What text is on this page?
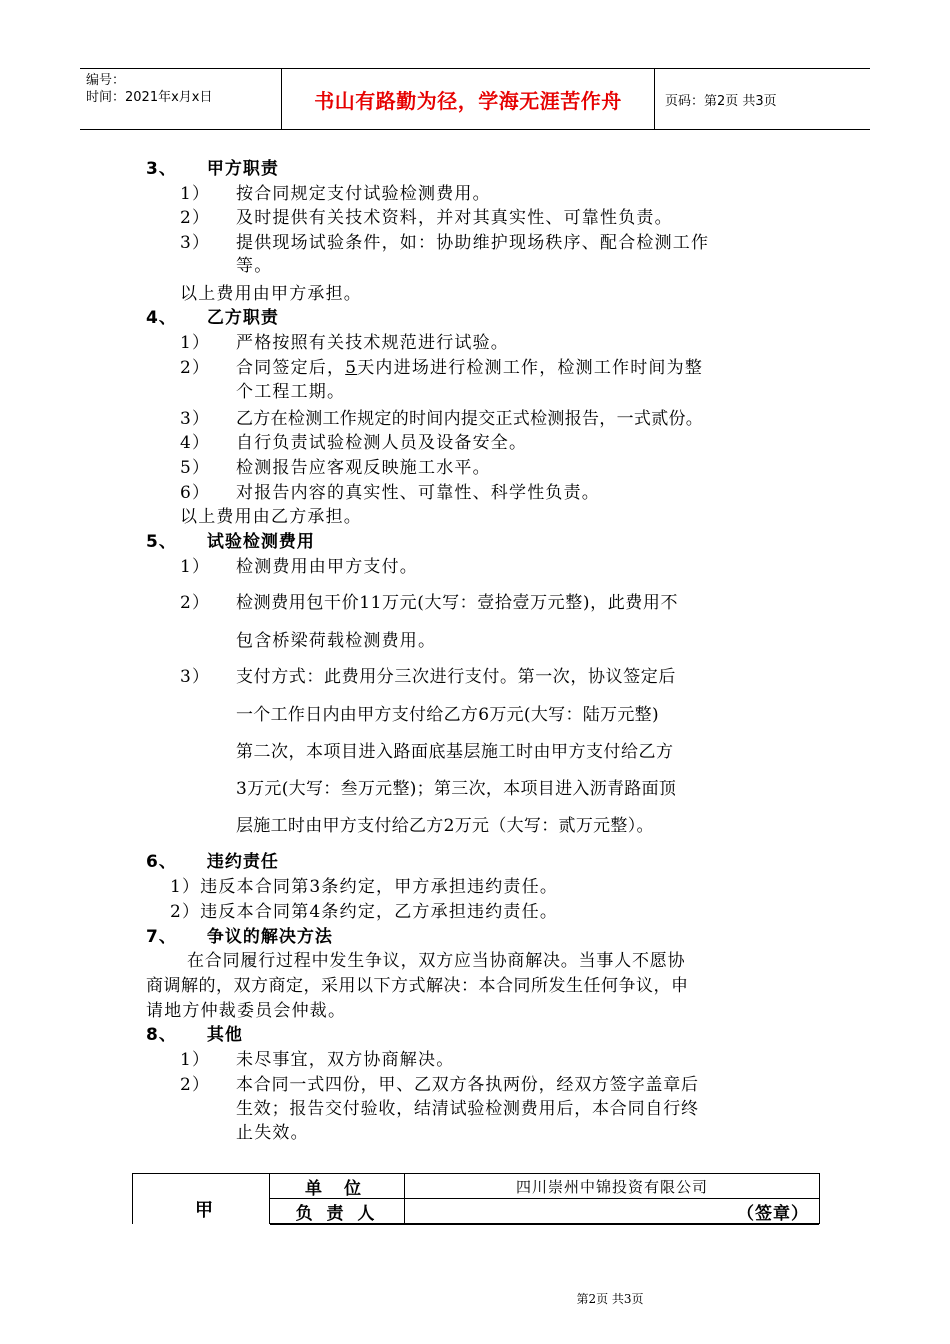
编号：
时间：2021年x月x日	书山有路勤为径，学海无涯苦作舟	页码：第2页 共3页
3、 甲方职责
1） 按合同规定支付试验检测费用。
2） 及时提供有关技术资料，并对其真实性、可靠性负责。
3） 提供现场试验条件，如：协助维护现场秩序、配合检测工作
等。
以上费用由甲方承担。
4、 乙方职责
1） 严格按照有关技术规范进行试验。
2） 合同签定后，5天内进场进行检测工作，检测工作时间为整
个工程工期。
3） 乙方在检测工作规定的时间内提交正式检测报告，一式贰份。
4） 自行负责试验检测人员及设备安全。
5） 检测报告应客观反映施工水平。
6） 对报告内容的真实性、可靠性、科学性负责。
以上费用由乙方承担。
5、 试验检测费用
1） 检测费用由甲方支付。
2） 检测费用包干价11万元(大写：壹拾壹万元整)，此费用不
包含桥梁荷载检测费用。
3） 支付方式：此费用分三次进行支付。第一次，协议签定后
一个工作日内由甲方支付给乙方6万元(大写：陆万元整)
第二次，本项目进入路面底基层施工时由甲方支付给乙方
3万元(大写：叁万元整)；第三次，本项目进入沥青路面顶
层施工时由甲方支付给乙方2万元（大写：贰万元整）。
6、 违约责任
1）违反本合同第3条约定，甲方承担违约责任。
2）违反本合同第4条约定，乙方承担违约责任。
7、 争议的解决方法
在合同履行过程中发生争议，双方应当协商解决。当事人不愿协
商调解的，双方商定，采用以下方式解决：本合同所发生任何争议，申
请地方仲裁委员会仲裁。
8、 其他
1） 未尽事宜，双方协商解决。
2） 本合同一式四份，甲、乙双方各执两份，经双方签字盖章后
生效；报告交付验收，结清试验检测费用后，本合同自行终
止失效。
甲
单 位	四川崇州中锦投资有限公司
负 责 人	（签章）
第2页 共3页
